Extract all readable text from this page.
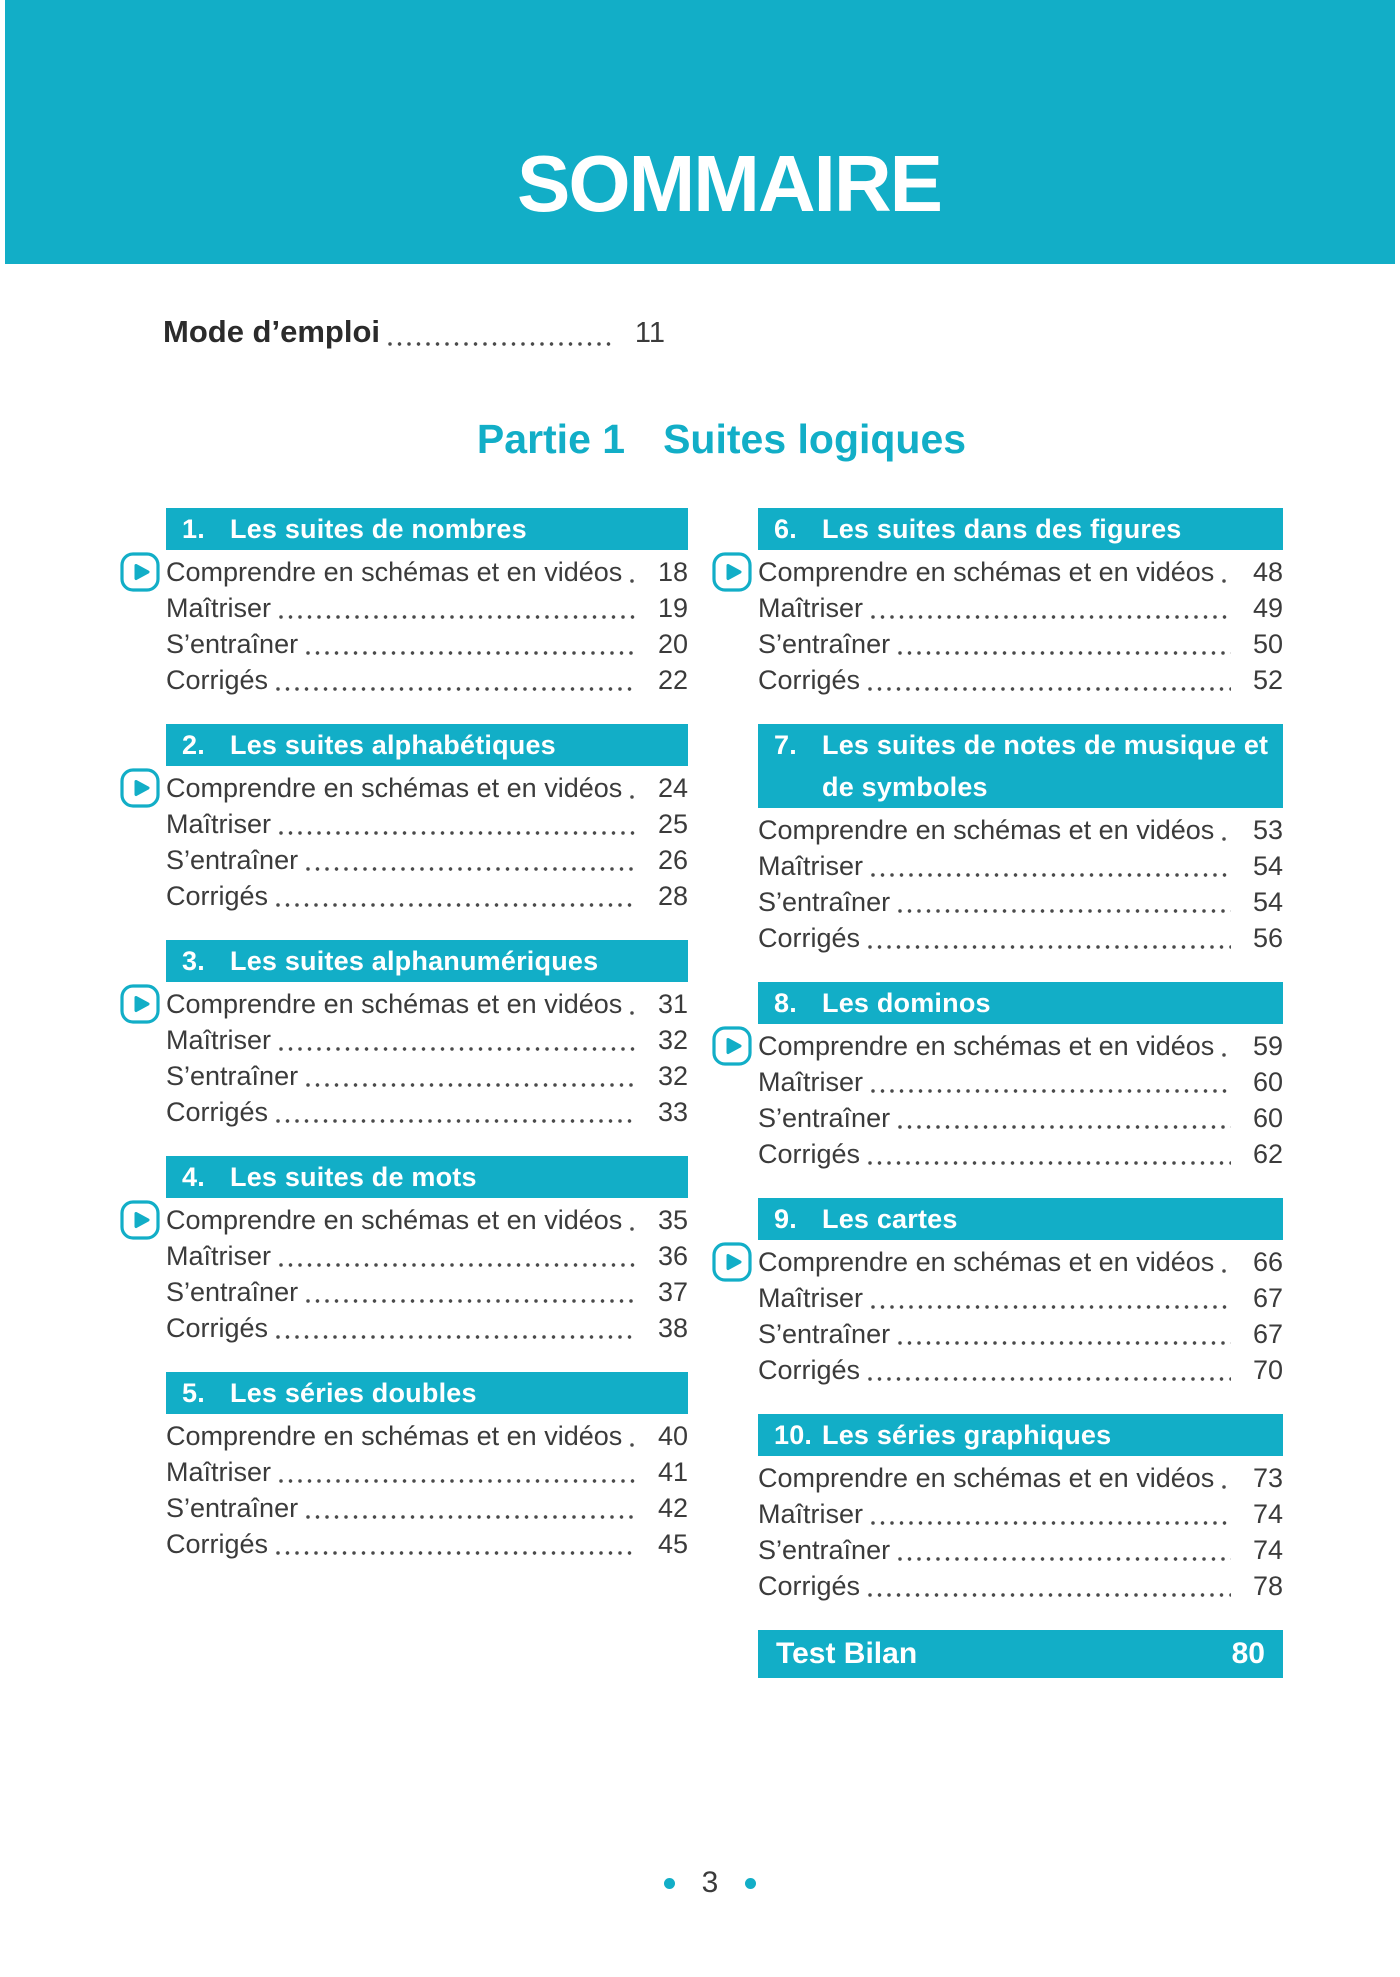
SOMMAIRE
Mode d’emploi	11
Partie 1 Suites logiques
1. Les suites de nombres
Comprendre en schémas et en vidéos	18
Maîtriser	19
S’entraîner	20
Corrigés	22
2. Les suites alphabétiques
Comprendre en schémas et en vidéos	24
Maîtriser	25
S’entraîner	26
Corrigés	28
3. Les suites alphanumériques
Comprendre en schémas et en vidéos	31
Maîtriser	32
S’entraîner	32
Corrigés	33
4. Les suites de mots
Comprendre en schémas et en vidéos	35
Maîtriser	36
S’entraîner	37
Corrigés	38
5. Les séries doubles
Comprendre en schémas et en vidéos	40
Maîtriser	41
S’entraîner	42
Corrigés	45
6. Les suites dans des figures
Comprendre en schémas et en vidéos	48
Maîtriser	49
S’entraîner	50
Corrigés	52
7. Les suites de notes de musique et de symboles
Comprendre en schémas et en vidéos	53
Maîtriser	54
S’entraîner	54
Corrigés	56
8. Les dominos
Comprendre en schémas et en vidéos	59
Maîtriser	60
S’entraîner	60
Corrigés	62
9. Les cartes
Comprendre en schémas et en vidéos	66
Maîtriser	67
S’entraîner	67
Corrigés	70
10. Les séries graphiques
Comprendre en schémas et en vidéos	73
Maîtriser	74
S’entraîner	74
Corrigés	78
Test Bilan	80
3
